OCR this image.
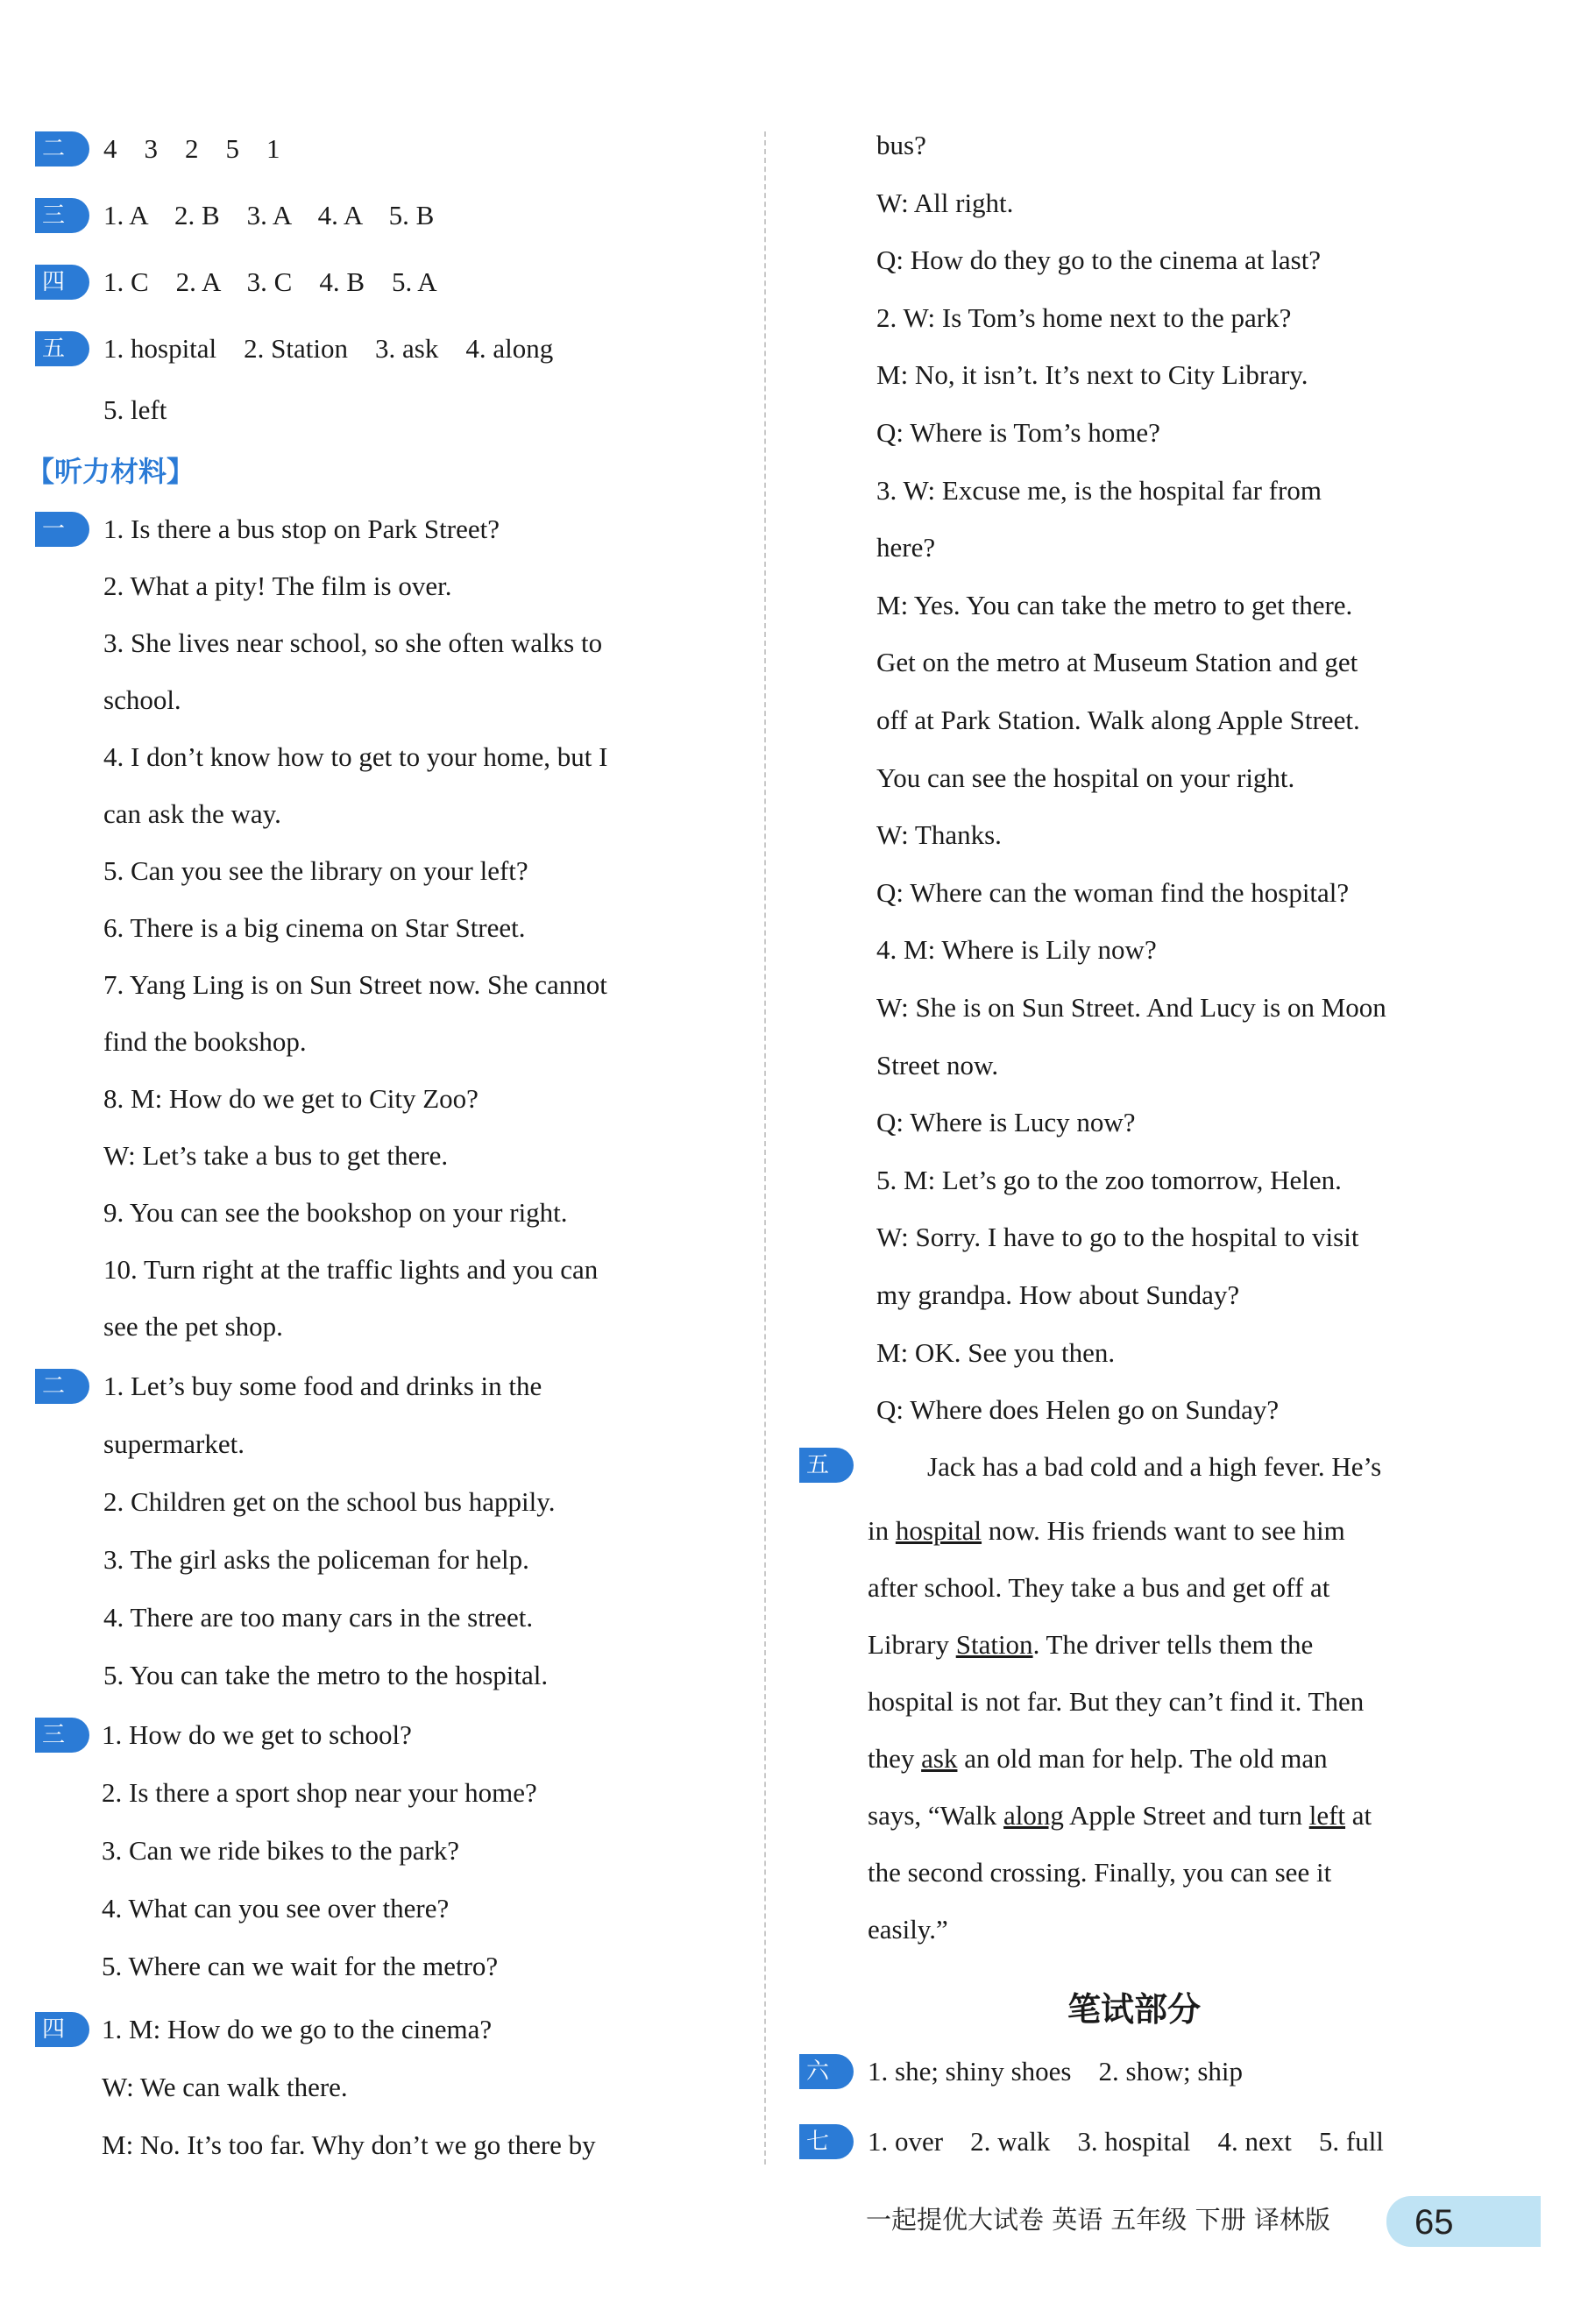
二	4　3　2　5　1
三	1. A　2. B　3. A　4. A　5. B
四	1. C　2. A　3. C　4. B　5. A
五	1. hospital　2. Station　3. ask　4. along
5. left
【听力材料】
一	1. Is there a bus stop on Park Street?
2. What a pity! The film is over.
3. She lives near school, so she often walks to
school.
4. I don’t know how to get to your home, but I
can ask the way.
5. Can you see the library on your left?
6. There is a big cinema on Star Street.
7. Yang Ling is on Sun Street now. She cannot
find the bookshop.
8. M: How do we get to City Zoo?
W: Let’s take a bus to get there.
9. You can see the bookshop on your right.
10. Turn right at the traffic lights and you can
see the pet shop.
二	1. Let’s buy some food and drinks in the
supermarket.
2. Children get on the school bus happily.
3. The girl asks the policeman for help.
4. There are too many cars in the street.
5. You can take the metro to the hospital.
三	1. How do we get to school?
2. Is there a sport shop near your home?
3. Can we ride bikes to the park?
4. What can you see over there?
5. Where can we wait for the metro?
四	1. M: How do we go to the cinema?
W: We can walk there.
M: No. It’s too far. Why don’t we go there by
bus?
W: All right.
Q: How do they go to the cinema at last?
2. W: Is Tom’s home next to the park?
M: No, it isn’t. It’s next to City Library.
Q: Where is Tom’s home?
3. W: Excuse me, is the hospital far from
here?
M: Yes. You can take the metro to get there.
Get on the metro at Museum Station and get
off at Park Station. Walk along Apple Street.
You can see the hospital on your right.
W: Thanks.
Q: Where can the woman find the hospital?
4. M: Where is Lily now?
W: She is on Sun Street. And Lucy is on Moon
Street now.
Q: Where is Lucy now?
5. M: Let’s go to the zoo tomorrow, Helen.
W: Sorry. I have to go to the hospital to visit
my grandpa. How about Sunday?
M: OK. See you then.
Q: Where does Helen go on Sunday?
五	Jack has a bad cold and a high fever. He’s
in hospital now. His friends want to see him
after school. They take a bus and get off at
Library Station. The driver tells them the
hospital is not far. But they can’t find it. Then
they ask an old man for help. The old man
says, “Walk along Apple Street and turn left at
the second crossing. Finally, you can see it
easily.”
笔试部分
六	1. she; shiny shoes　2. show; ship
七	1. over　2. walk　3. hospital　4. next　5. full
一起提优大试卷 英语 五年级 下册 译林版 65
